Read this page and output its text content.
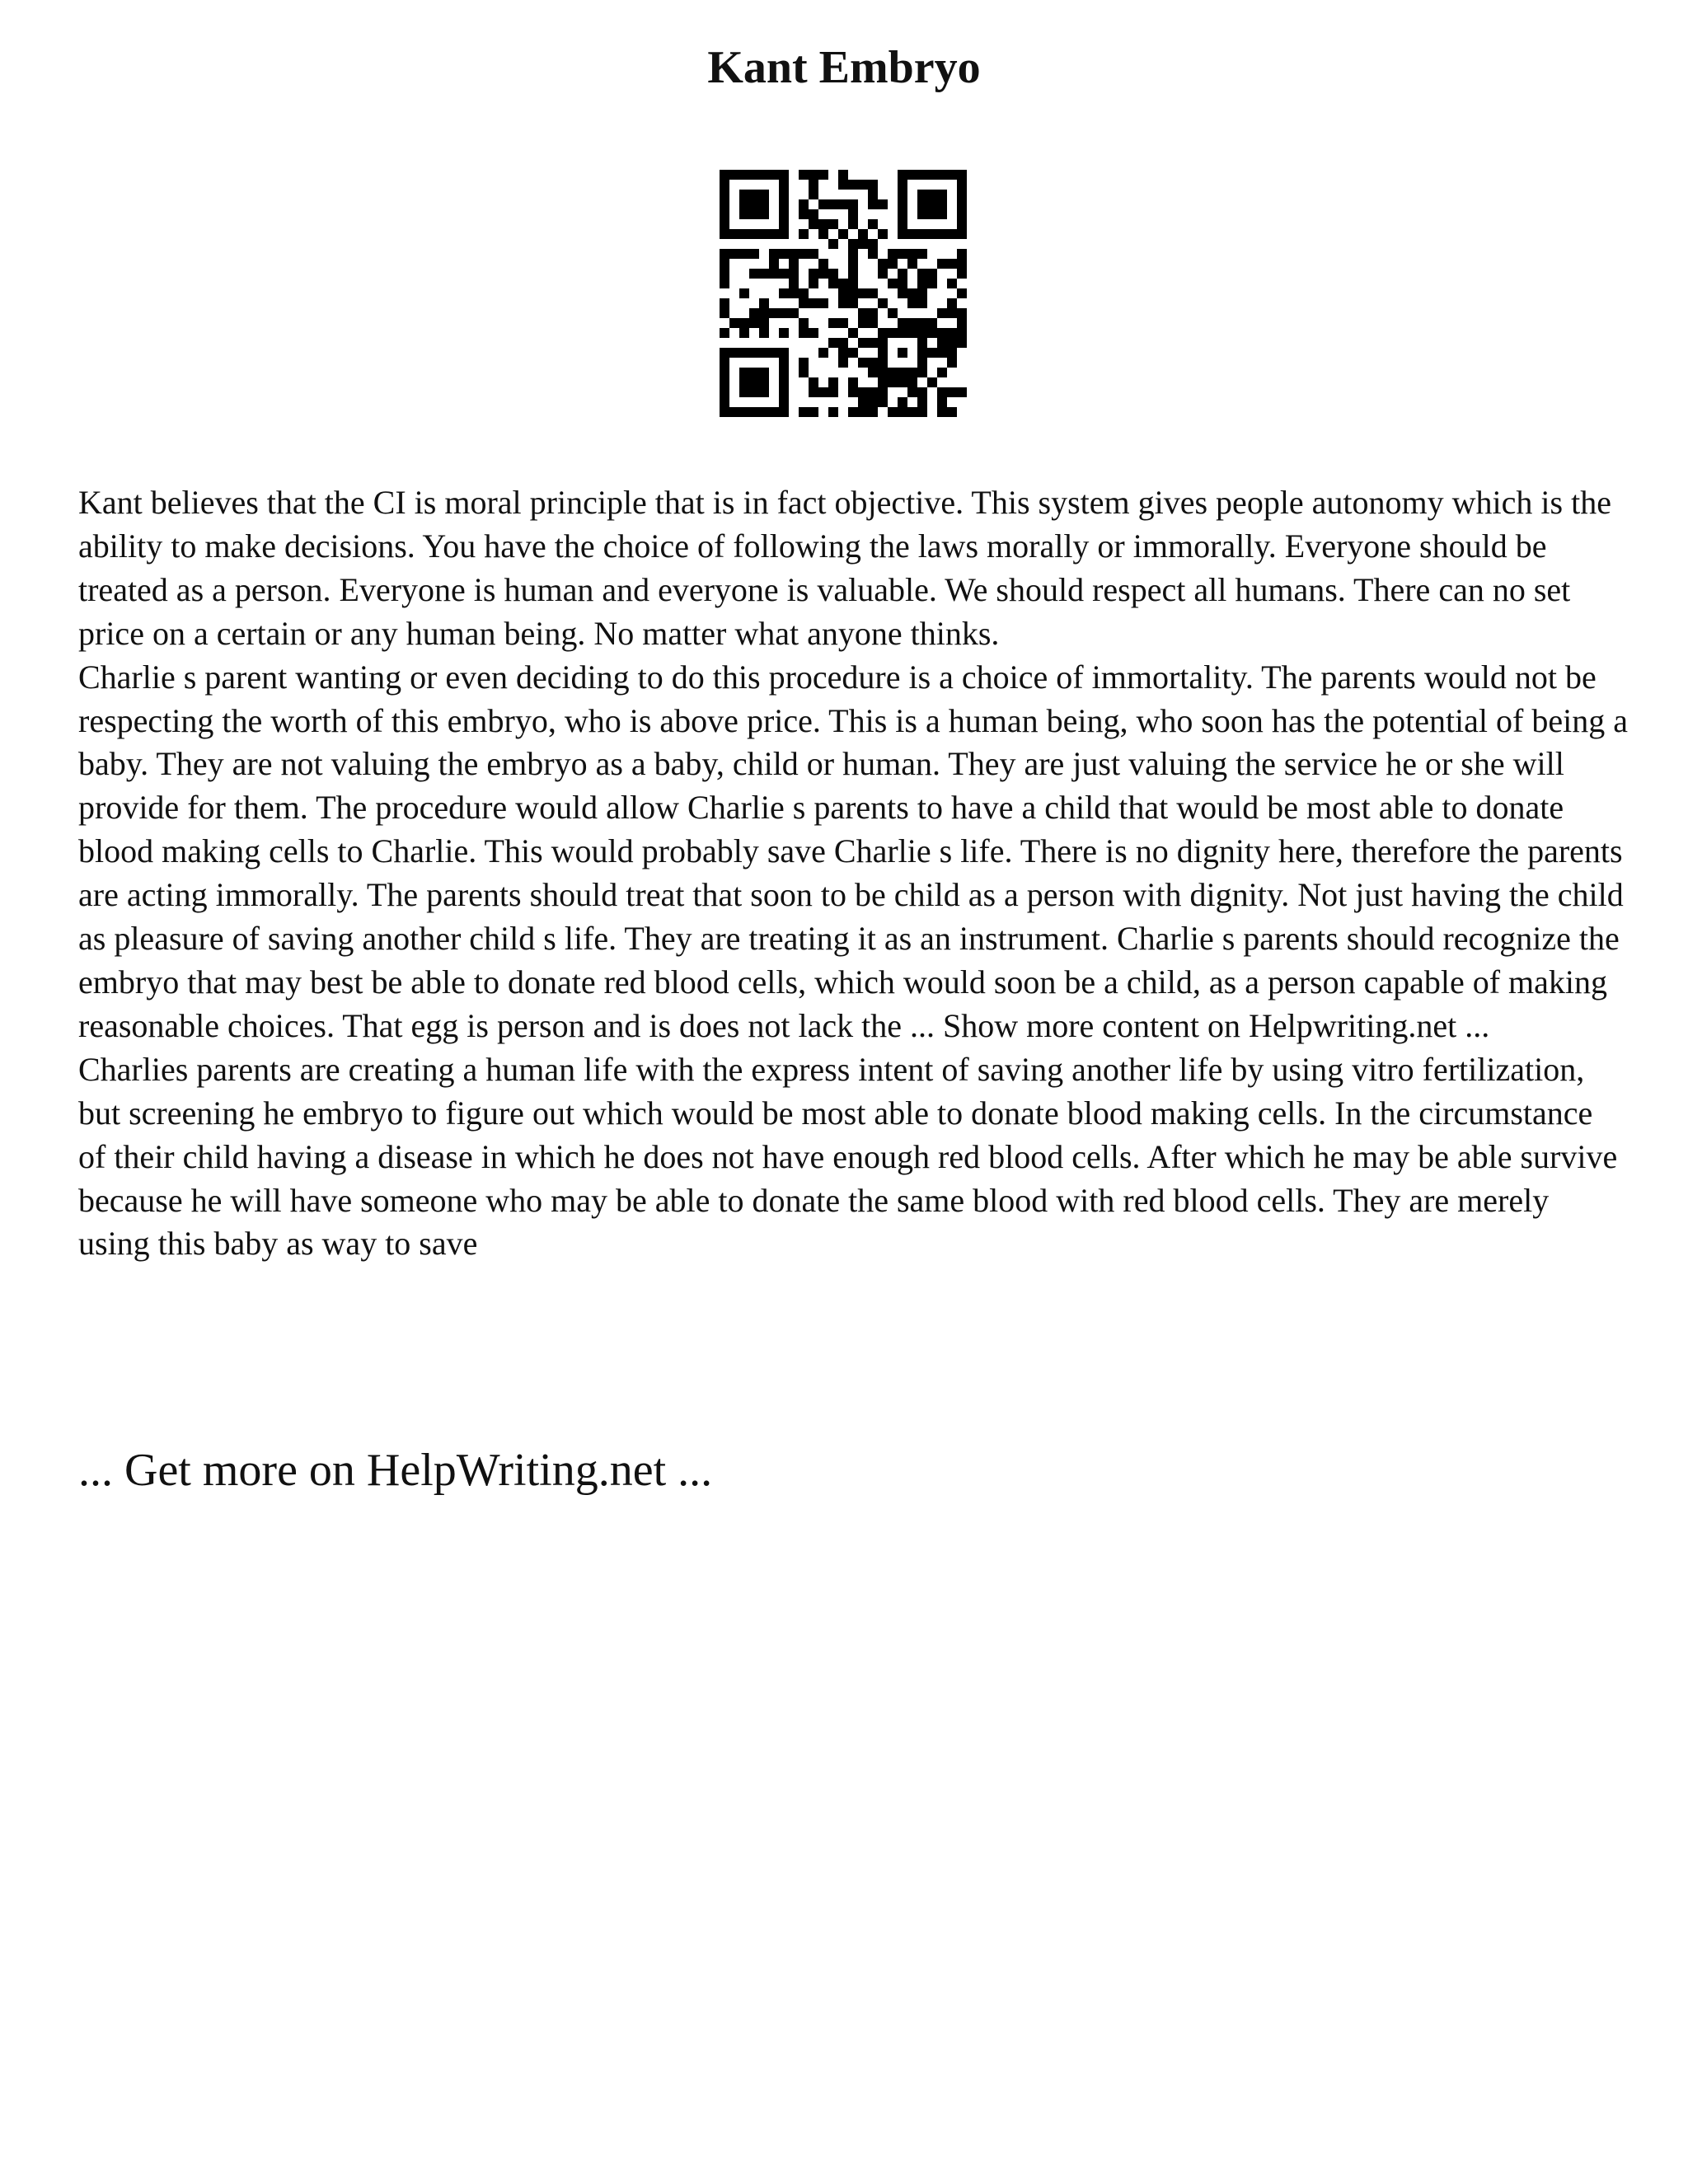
Kant Embryo

Kant believes that the CI is moral principle that is in fact objective. This system gives people autonomy which is the ability to make decisions. You have the choice of following the laws morally or immorally. Everyone should be treated as a person. Everyone is human and everyone is valuable. We should respect all humans. There can no set price on a certain or any human being. No matter what anyone thinks.

Charlie s parent wanting or even deciding to do this procedure is a choice of immortality. The parents would not be respecting the worth of this embryo, who is above price. This is a human being, who soon has the potential of being a baby. They are not valuing the embryo as a baby, child or human. They are just valuing the service he or she will provide for them. The procedure would allow Charlie s parents to have a child that would be most able to donate blood making cells to Charlie. This would probably save Charlie s life. There is no dignity here, therefore the parents are acting immorally. The parents should treat that soon to be child as a person with dignity. Not just having the child as pleasure of saving another child s life. They are treating it as an instrument. Charlie s parents should recognize the embryo that may best be able to donate red blood cells, which would soon be a child, as a person capable of making reasonable choices. That egg is person and is does not lack the ... Show more content on Helpwriting.net ...

Charlies parents are creating a human life with the express intent of saving another life by using vitro fertilization, but screening he embryo to figure out which would be most able to donate blood making cells. In the circumstance of their child having a disease in which he does not have enough red blood cells. After which he may be able survive because he will have someone who may be able to donate the same blood with red blood cells. They are merely using this baby as way to save

... Get more on HelpWriting.net ...
